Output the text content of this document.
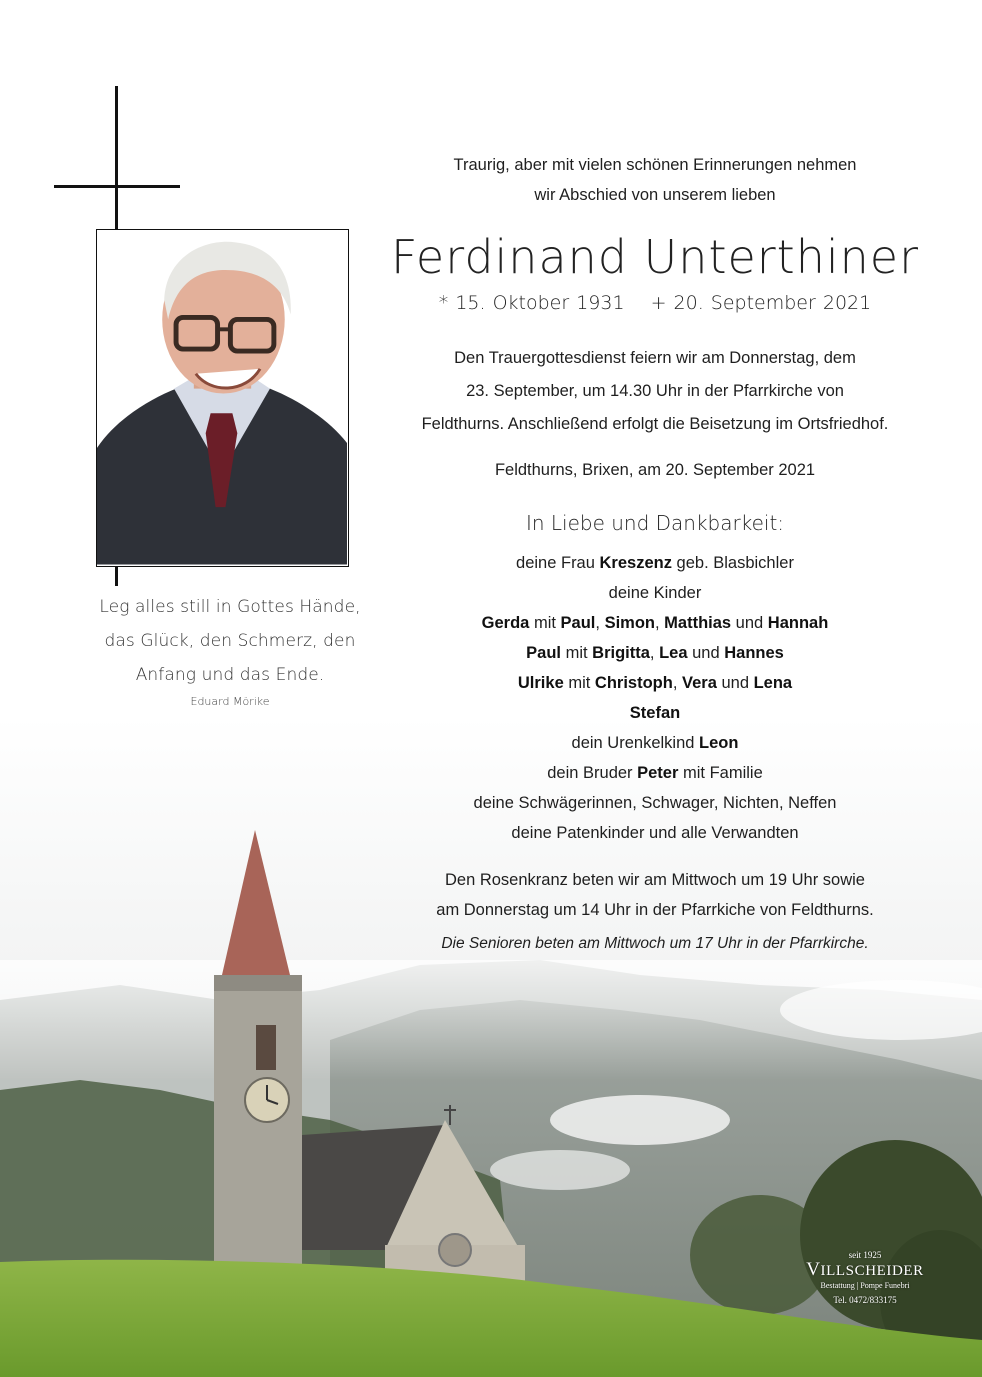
Leg alles still in Gottes Hände,
das Glück, den Schmerz, den
Anfang und das Ende.
Eduard Mörike
Traurig, aber mit vielen schönen Erinnerungen nehmen
wir Abschied von unserem lieben
Ferdinand Unterthiner
* 15. Oktober 1931 + 20. September 2021
Den Trauergottesdienst feiern wir am Donnerstag, dem
23. September, um 14.30 Uhr in der Pfarrkirche von
Feldthurns. Anschließend erfolgt die Beisetzung im Ortsfriedhof.
Feldthurns, Brixen, am 20. September 2021
In Liebe und Dankbarkeit:
deine Frau Kreszenz geb. Blasbichler
deine Kinder
Gerda mit Paul, Simon, Matthias und Hannah
Paul mit Brigitta, Lea und Hannes
Ulrike mit Christoph, Vera und Lena
Stefan
dein Urenkelkind Leon
dein Bruder Peter mit Familie
deine Schwägerinnen, Schwager, Nichten, Neffen
deine Patenkinder und alle Verwandten
Den Rosenkranz beten wir am Mittwoch um 19 Uhr sowie
am Donnerstag um 14 Uhr in der Pfarrkiche von Feldthurns.
Die Senioren beten am Mittwoch um 17 Uhr in der Pfarrkirche.
seit 1925
VILLSCHEIDER
Bestattung | Pompe Funebri
Tel. 0472/833175
